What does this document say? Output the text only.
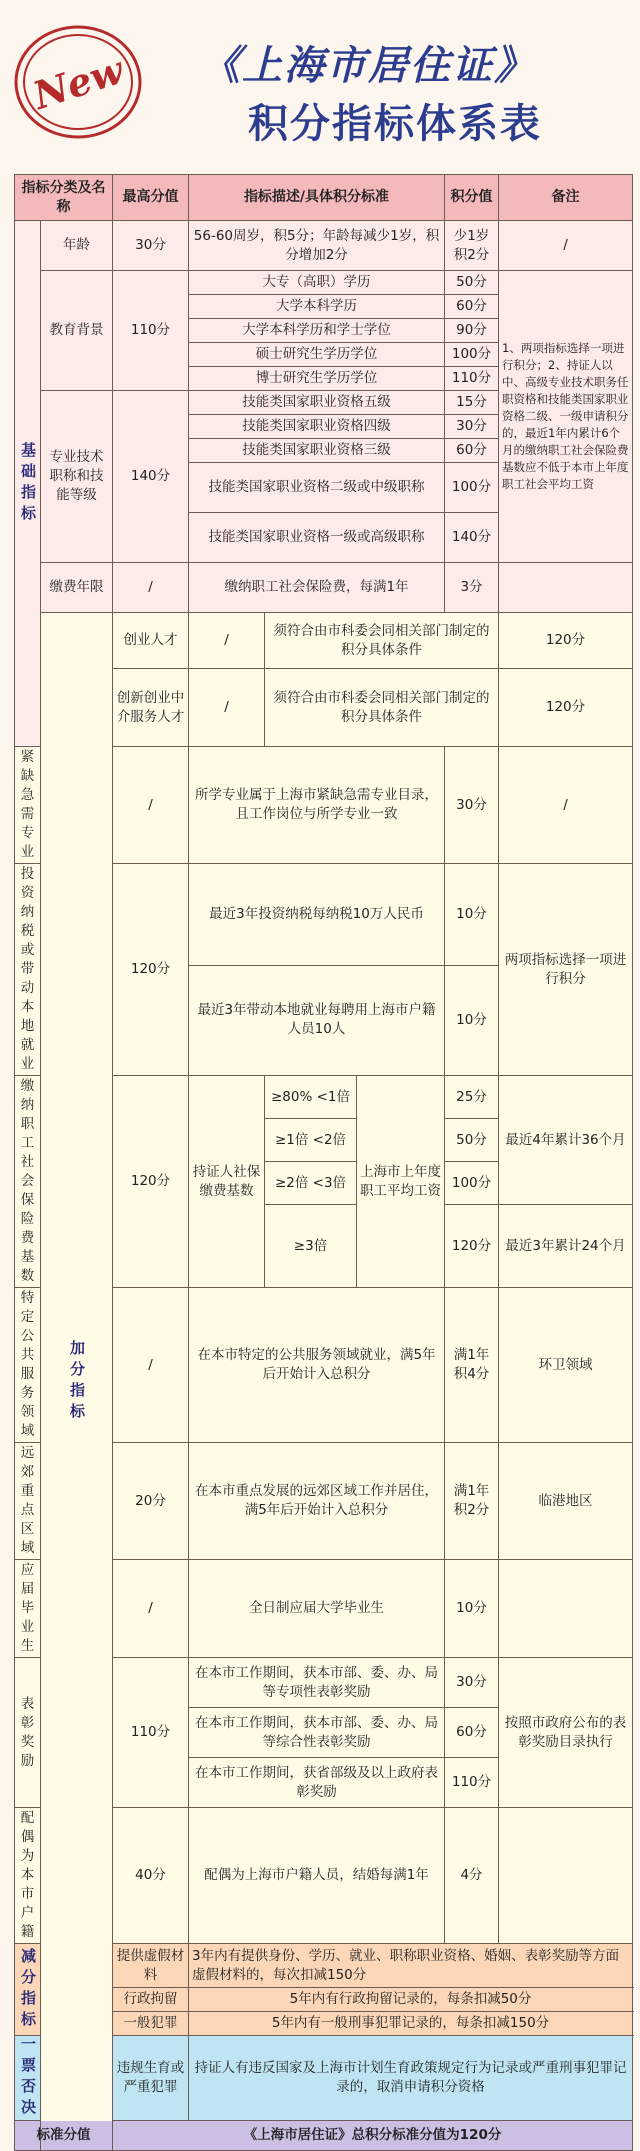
New 《上海市居住证》
积分指标体系表
指标分类及名称		最高分值	指标描述/具体积分标准			积分值	备注	
基础指标	年龄	30分	56-60周岁，积5分；年龄每减少1岁，积分增加2分			少1岁积2分	/	
	教育背景	110分	大专（高职）学历			50分	1、两项指标选择一项进行积分；2、持证人以中、高级专业技术职务任职资格和技能类国家职业资格二级、一级申请积分的，最近1年内累计6个月的缴纳职工社会保险费基数应不低于本市上年度职工社会平均工资	
			大学本科学历			60分		
			大学本科学历和学士学位			90分		
			硕士研究生学历学位			100分		
			博士研究生学历学位			110分		
	专业技术职称和技能等级	140分	技能类国家职业资格五级			15分		
			技能类国家职业资格四级			30分		
			技能类国家职业资格三级			60分		
			技能类国家职业资格二级或中级职称			100分		
			技能类国家职业资格一级或高级职称			140分		
	缴费年限	/	缴纳职工社会保险费，每满1年			3分		
	加分指标	创业人才	/	须符合由市科委会同相关部门制定的积分具体条件			120分	
		创新创业中介服务人才	/	须符合由市科委会同相关部门制定的积分具体条件			120分	
紧缺急需专业		/	所学专业属于上海市紧缺急需专业目录，且工作岗位与所学专业一致			30分	/	
投资纳税或带动本地就业		120分	最近3年投资纳税每纳税10万人民币			10分	两项指标选择一项进行积分	
			最近3年带动本地就业每聘用上海市户籍人员10人			10分		
缴纳职工社会保险费基数		120分	持证人社保缴费基数	≥80% <1倍	上海市上年度职工平均工资	25分	最近4年累计36个月	
				≥1倍 <2倍		50分		
				≥2倍 <3倍		100分		
				≥3倍		120分	最近3年累计24个月	
特定公共服务领域		/	在本市特定的公共服务领域就业，满5年后开始计入总积分			满1年积4分	环卫领域	
远郊重点区域		20分	在本市重点发展的远郊区域工作并居住，满5年后开始计入总积分			满1年积2分	临港地区	
应届毕业生		/	全日制应届大学毕业生			10分		
表彰奖励		110分	在本市工作期间，获本市部、委、办、局等专项性表彰奖励			30分	按照市政府公布的表彰奖励目录执行	
			在本市工作期间，获本市部、委、办、局等综合性表彰奖励			60分		
			在本市工作期间，获省部级及以上政府表彰奖励			110分		
配偶为本市户籍		40分	配偶为上海市户籍人员，结婚每满1年			4分		
减分指标		提供虚假材料	3年内有提供身份、学历、就业、职称职业资格、婚姻、表彰奖励等方面虚假材料的，每次扣减150分					
		行政拘留	5年内有行政拘留记录的，每条扣减50分					
		一般犯罪	5年内有一般刑事犯罪记录的，每条扣减150分					
一票否决		违规生育或严重犯罪	持证人有违反国家及上海市计划生育政策规定行为记录或严重刑事犯罪记录的，取消申请积分资格					
标准分值		《上海市居住证》总积分标准分值为120分						
